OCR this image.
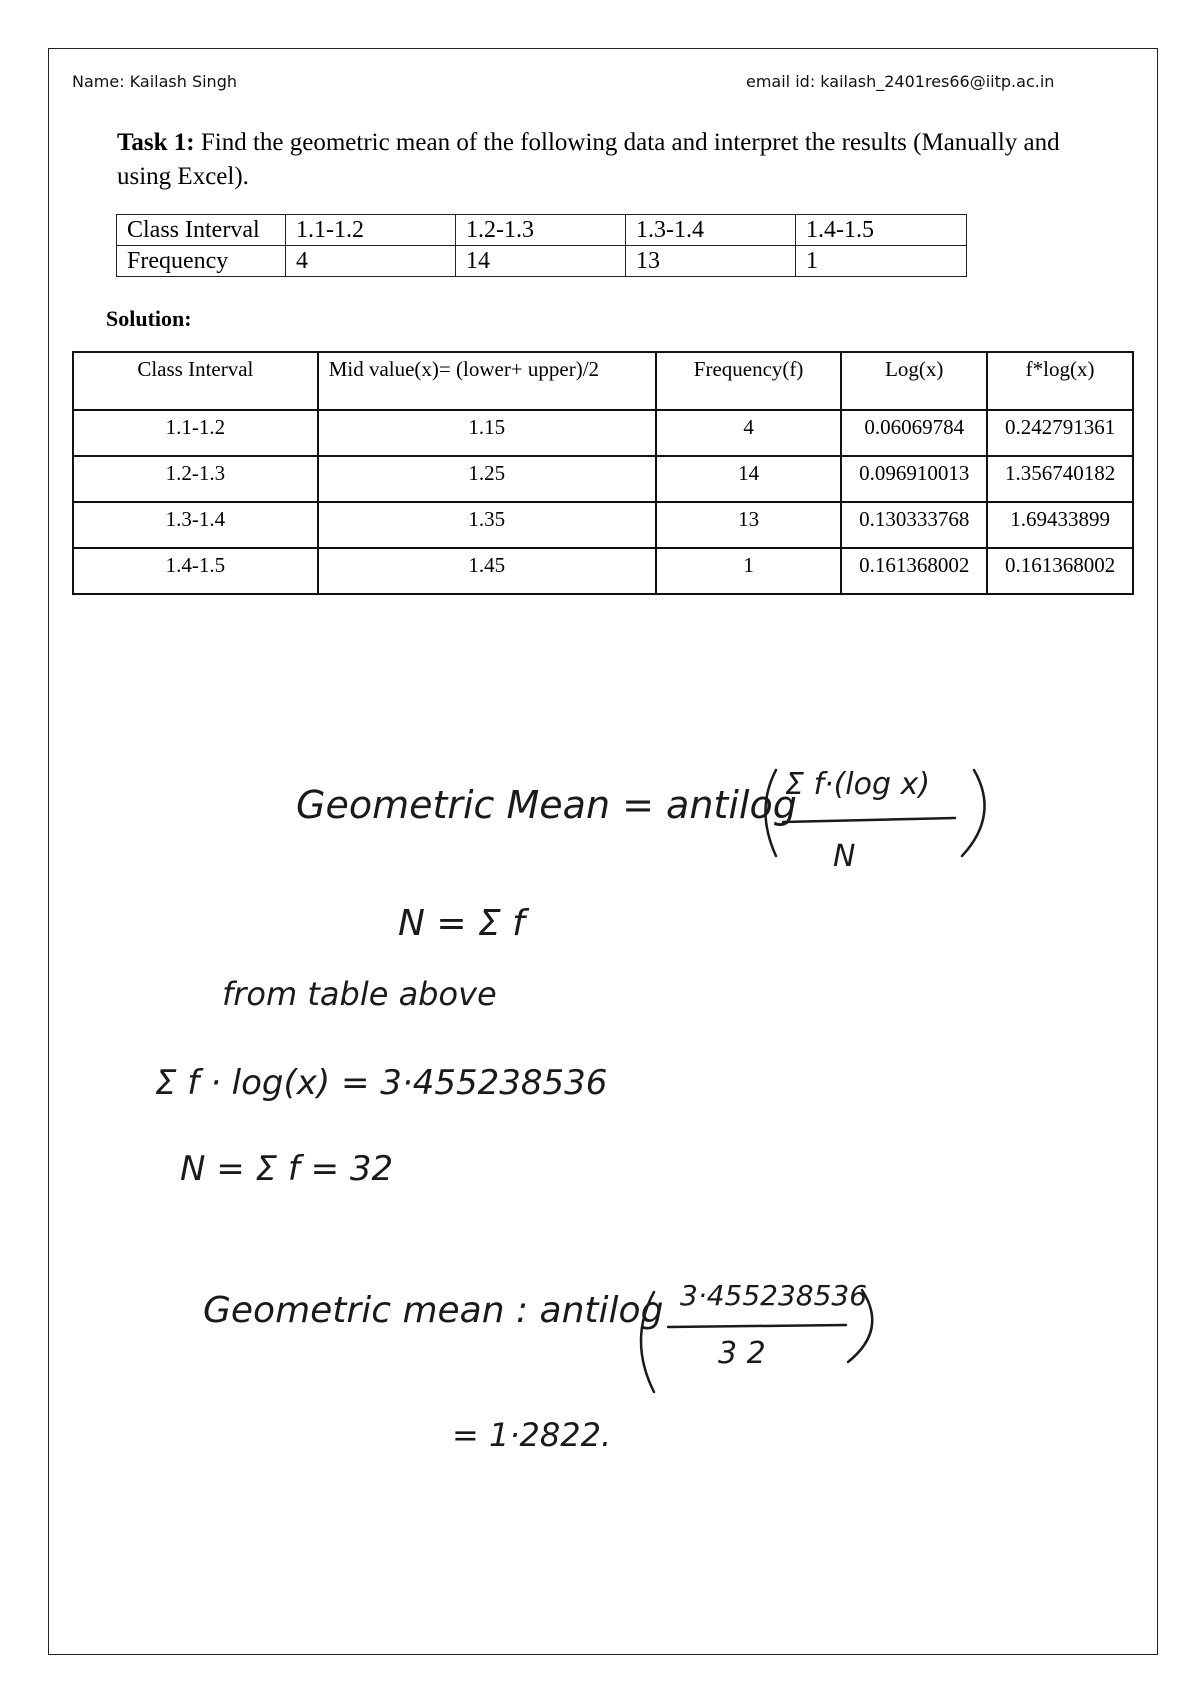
Name: Kailash Singh	email id: kailash_2401res66@iitp.ac.in
Task 1: Find the geometric mean of the following data and interpret the results (Manually and using Excel).
Class Interval	1.1-1.2	1.2-1.3	1.3-1.4	1.4-1.5
Frequency	4	14	13	1
Solution:
Class Interval	Mid value(x)= (lower+ upper)/2	Frequency(f)	Log(x)	f*log(x)
1.1-1.2	1.15	4	0.06069784	0.242791361
1.2-1.3	1.25	14	0.096910013	1.356740182
1.3-1.4	1.35	13	0.130333768	1.69433899
1.4-1.5	1.45	1	0.161368002	0.161368002
Geometric Mean = antilog
Σ f·(log x)
N
N = Σ f
from table above
Σ f · log(x) = 3·455238536
N = Σ f = 32
Geometric mean : antilog 3·455238536
3 2
= 1·2822.
